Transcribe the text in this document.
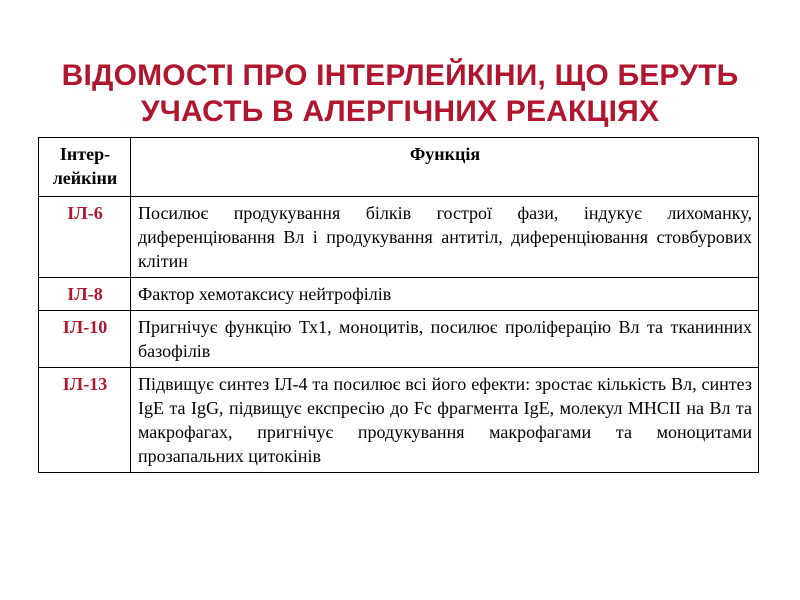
ВІДОМОСТІ ПРО ІНТЕРЛЕЙКІНИ, ЩО БЕРУТЬ
УЧАСТЬ В АЛЕРГІЧНИХ РЕАКЦІЯХ
Інтер-
лейкіни	Функція
ІЛ-6	Посилює продукування білків гострої фази, індукує лихоманку, диференціювання Вл і продукування антитіл, диференціювання стовбурових клітин
ІЛ-8	Фактор хемотаксису нейтрофілів
ІЛ-10	Пригнічує функцію Тх1, моноцитів, посилює проліферацію Вл та тканинних базофілів
ІЛ-13	Підвищує синтез ІЛ-4 та посилює всі його ефекти: зростає кількість Вл, синтез IgE та IgG, підвищує експресію до Fc фрагмента IgE, молекул MHCII на Вл та макрофагах, пригнічує продукування макрофагами та моноцитами прозапальних цитокінів
